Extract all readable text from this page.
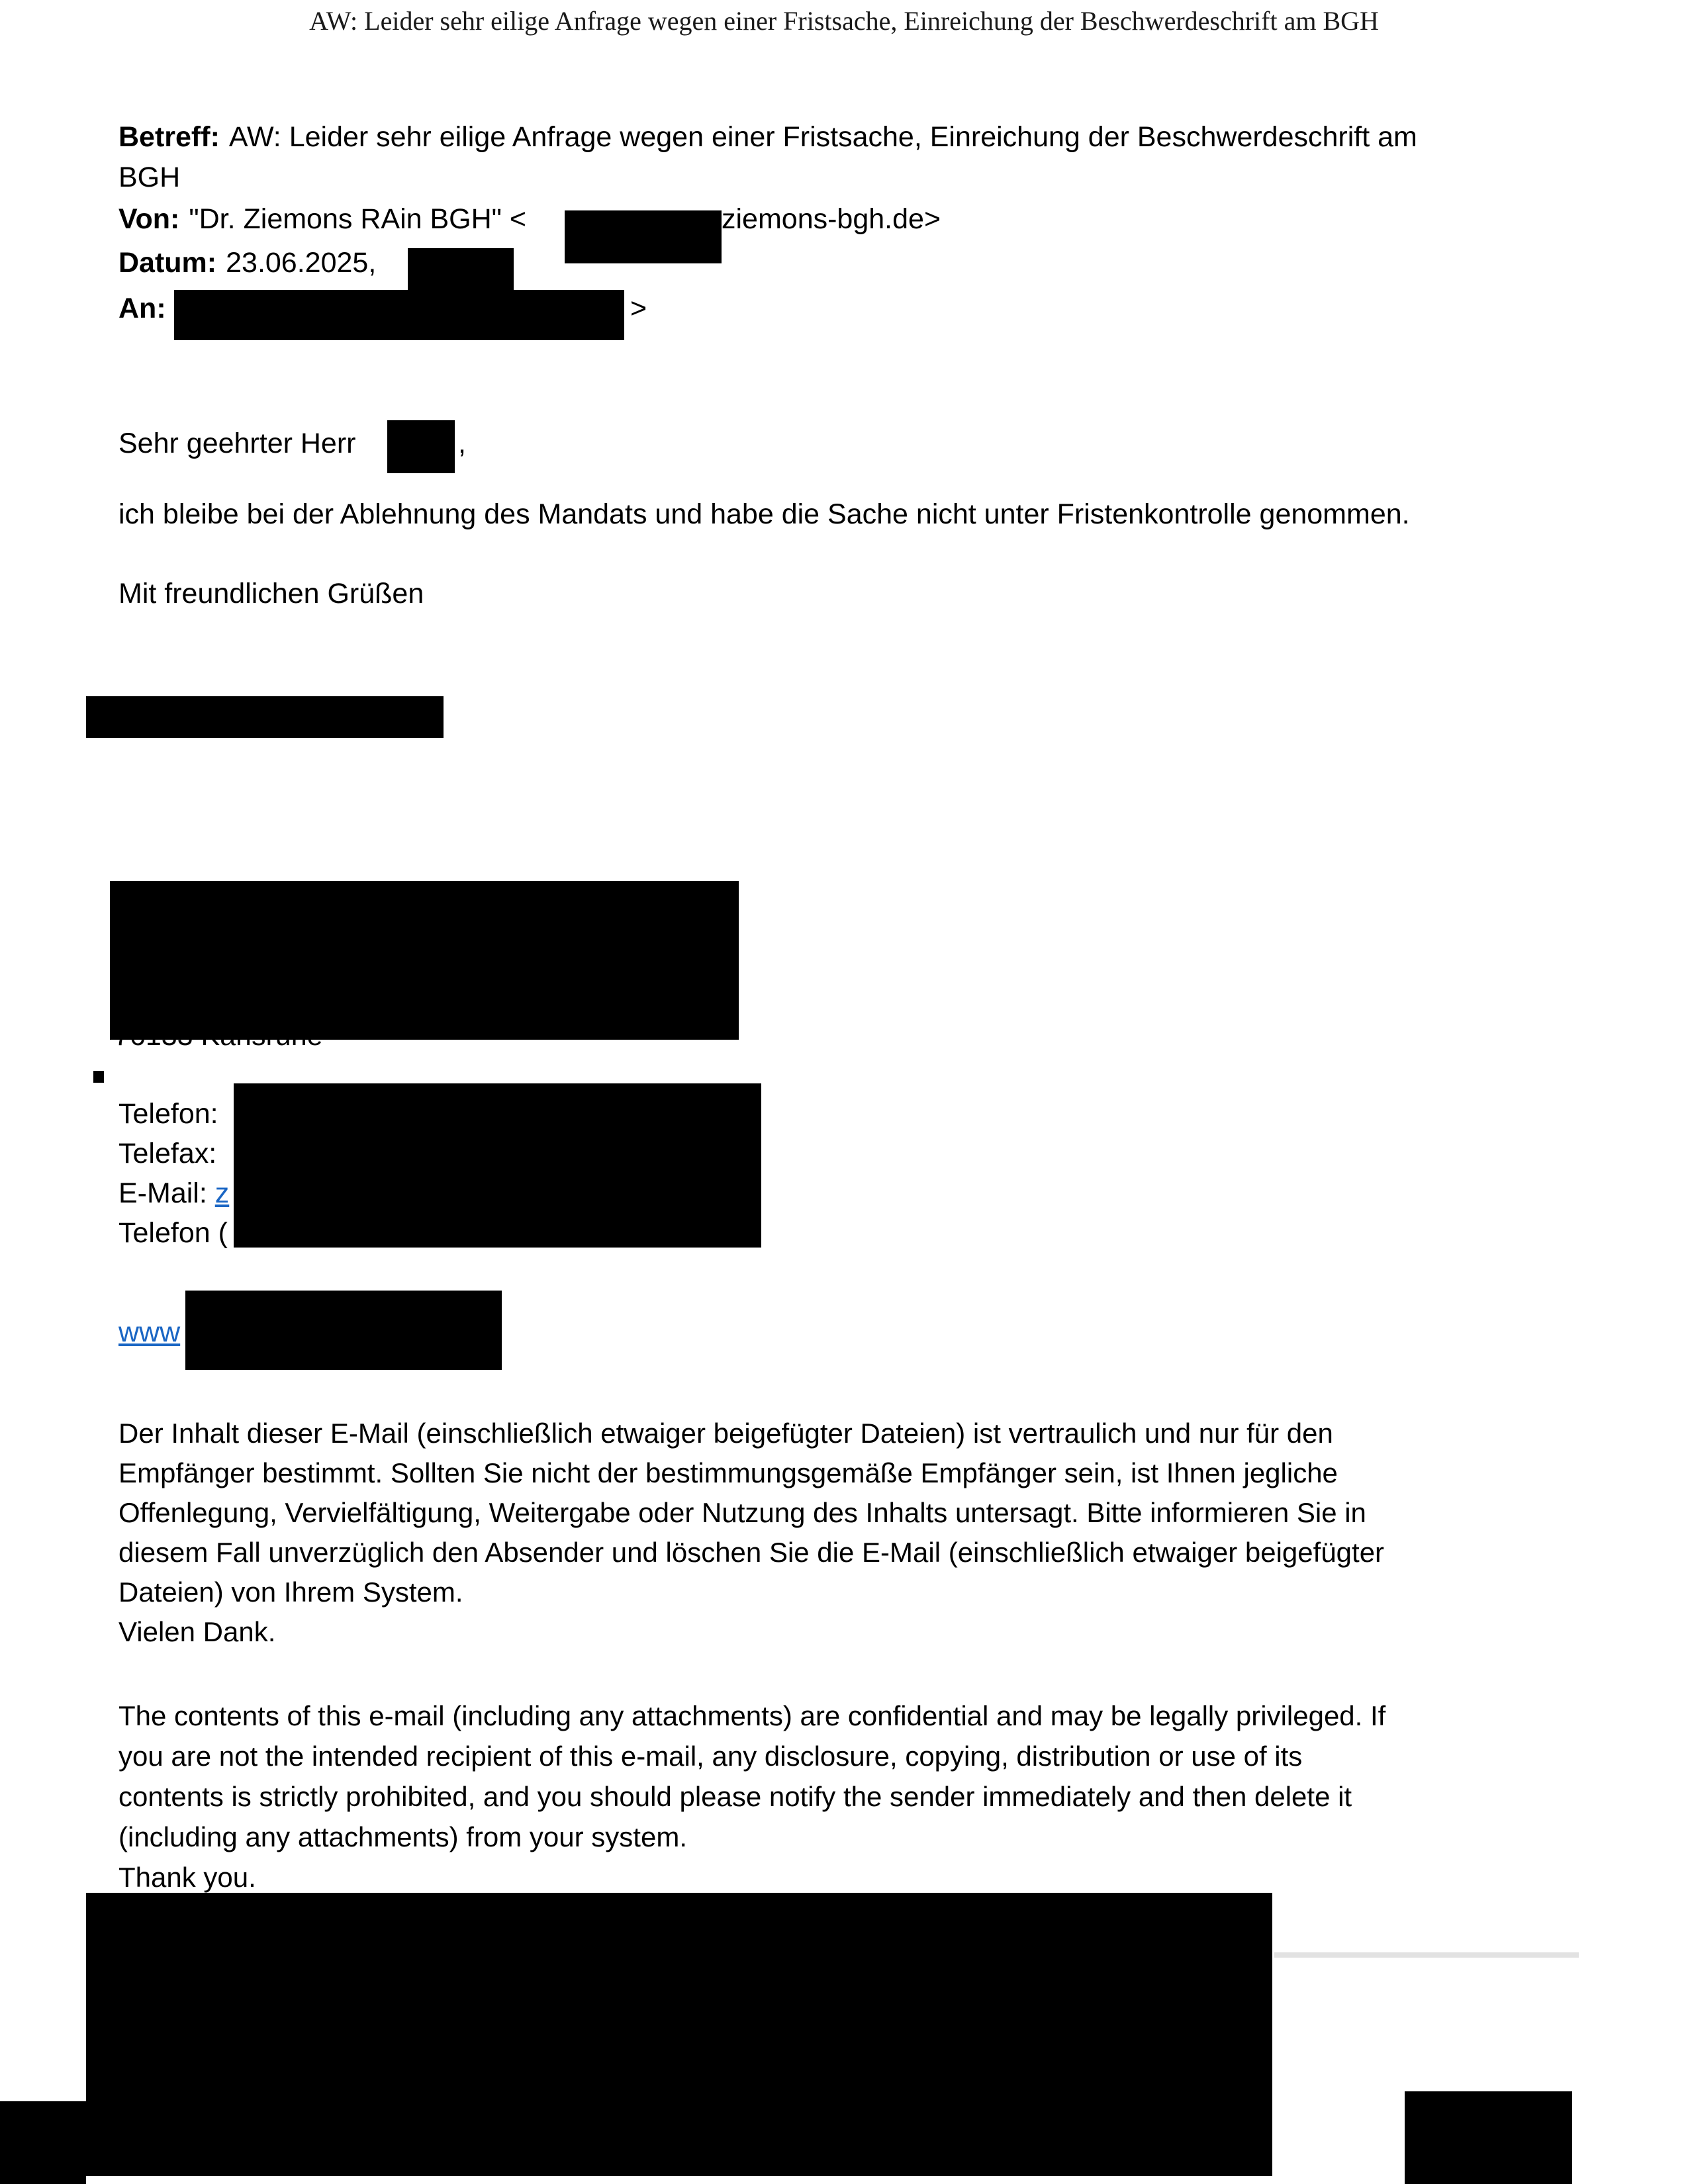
AW: Leider sehr eilige Anfrage wegen einer Fristsache, Einreichung der Beschwerdeschrift am BGH
Betreff: AW: Leider sehr eilige Anfrage wegen einer Fristsache, Einreichung der Beschwerdeschrift am
BGH
Von: "Dr. Ziemons RAin BGH" <	ziemons-bgh.de>
Datum: 23.06.2025,
An:	>
Sehr geehrter Herr	,
ich bleibe bei der Ablehnung des Mandats und habe die Sache nicht unter Fristenkontrolle genommen.
Mit freundlichen Grüßen
Telefon:
Telefax:
E-Mail: z
Telefon (
www
Der Inhalt dieser E-Mail (einschließlich etwaiger beigefügter Dateien) ist vertraulich und nur für den
Empfänger bestimmt. Sollten Sie nicht der bestimmungsgemäße Empfänger sein, ist Ihnen jegliche
Offenlegung, Vervielfältigung, Weitergabe oder Nutzung des Inhalts untersagt. Bitte informieren Sie in
diesem Fall unverzüglich den Absender und löschen Sie die E-Mail (einschließlich etwaiger beigefügter
Dateien) von Ihrem System.
Vielen Dank.
The contents of this e-mail (including any attachments) are confidential and may be legally privileged. If
you are not the intended recipient of this e-mail, any disclosure, copying, distribution or use of its
contents is strictly prohibited, and you should please notify the sender immediately and then delete it
(including any attachments) from your system.
Thank you.
